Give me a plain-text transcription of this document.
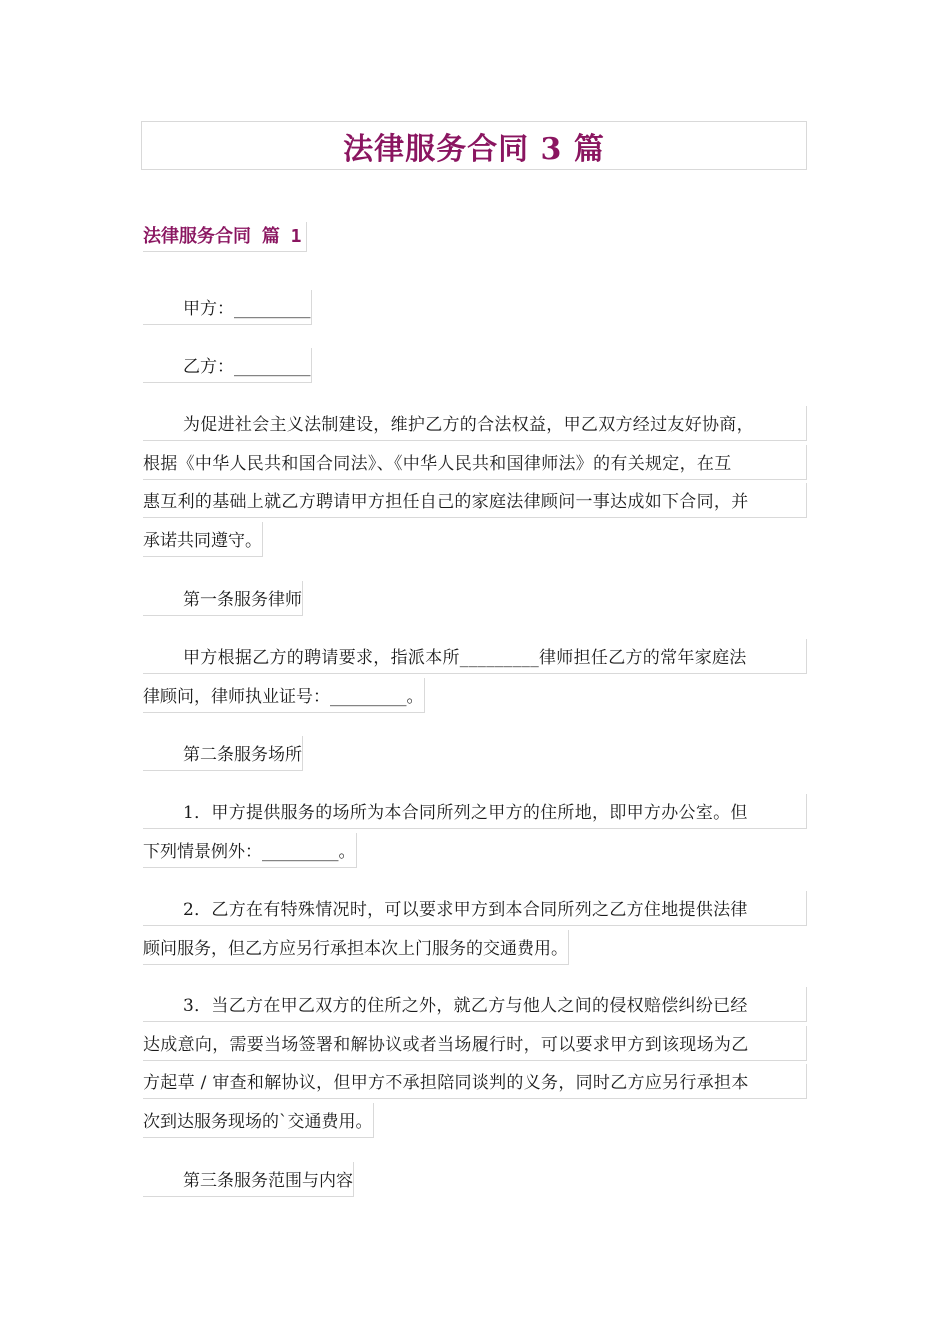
法律服务合同 3 篇
法律服务合同 篇 1
甲方：_________
乙方：_________
为促进社会主义法制建设，维护乙方的合法权益，甲乙双方经过友好协商，
根据《中华人民共和国合同法》、《中华人民共和国律师法》的有关规定，在互
惠互利的基础上就乙方聘请甲方担任自己的家庭法律顾问一事达成如下合同，并
承诺共同遵守。
第一条服务律师
甲方根据乙方的聘请要求，指派本所_________律师担任乙方的常年家庭法
律顾问，律师执业证号：_________。
第二条服务场所
1．甲方提供服务的场所为本合同所列之甲方的住所地，即甲方办公室。但
下列情景例外：_________。
2．乙方在有特殊情况时，可以要求甲方到本合同所列之乙方住地提供法律
顾问服务，但乙方应另行承担本次上门服务的交通费用。
3．当乙方在甲乙双方的住所之外，就乙方与他人之间的侵权赔偿纠纷已经
达成意向，需要当场签署和解协议或者当场履行时，可以要求甲方到该现场为乙
方起草 / 审查和解协议，但甲方不承担陪同谈判的义务，同时乙方应另行承担本
次到达服务现场的`交通费用。
第三条服务范围与内容
